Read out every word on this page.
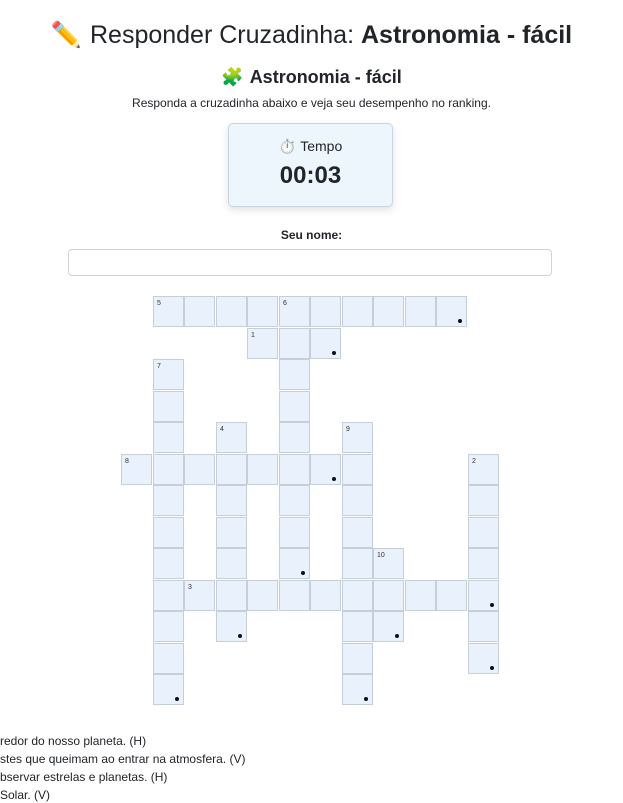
✏️ Responder Cruzadinha: Astronomia - fácil
🧩 Astronomia - fácil
Responda a cruzadinha abaixo e veja seu desempenho no ranking.
⏱️ Tempo
00:03
Seu nome:
5	6
1
7
4	9
8	2
10
3
redor do nosso planeta. (H)
stes que queimam ao entrar na atmosfera. (V)
bservar estrelas e planetas. (H)
Solar. (V)
